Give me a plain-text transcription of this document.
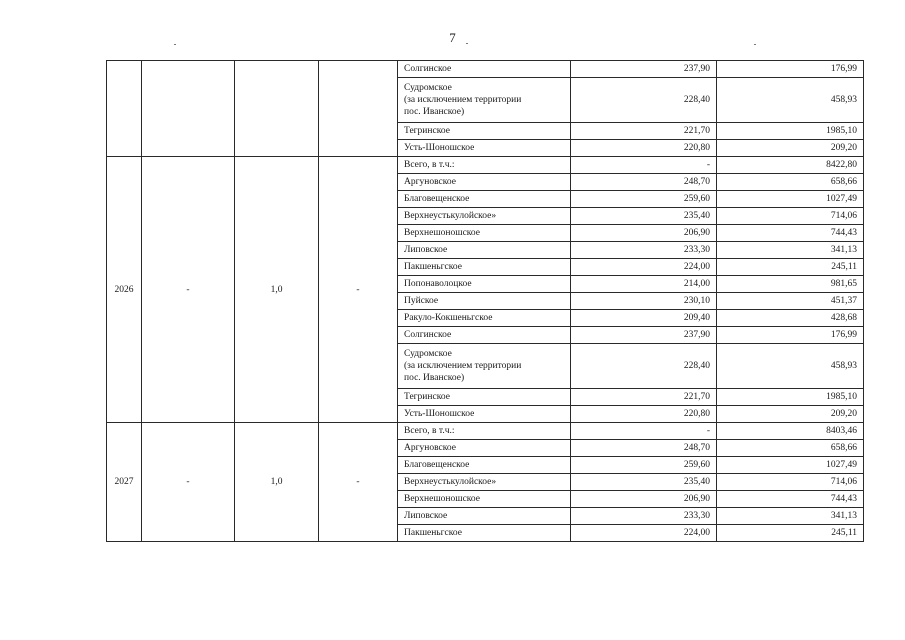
7
				Солгинское	237,90	176,99
				Судромское
(за исключением территории
пос. Иванское)	228,40	458,93
				Тегринское	221,70	1985,10
				Усть-Шоношское	220,80	209,20
2026	-	1,0	-	Всего, в т.ч.:	-	8422,80
				Аргуновское	248,70	658,66
				Благовещенское	259,60	1027,49
				Верхнеустькулойское»	235,40	714,06
				Верхнешоношское	206,90	744,43
				Липовское	233,30	341,13
				Пакшеньгское	224,00	245,11
				Попонаволоцкое	214,00	981,65
				Пуйское	230,10	451,37
				Ракуло-Кокшеньгское	209,40	428,68
				Солгинское	237,90	176,99
				Судромское
(за исключением территории
пос. Иванское)	228,40	458,93
				Тегринское	221,70	1985,10
				Усть-Шоношское	220,80	209,20
2027	-	1,0	-	Всего, в т.ч.:	-	8403,46
				Аргуновское	248,70	658,66
				Благовещенское	259,60	1027,49
				Верхнеустькулойское»	235,40	714,06
				Верхнешоношское	206,90	744,43
				Липовское	233,30	341,13
				Пакшеньгское	224,00	245,11
